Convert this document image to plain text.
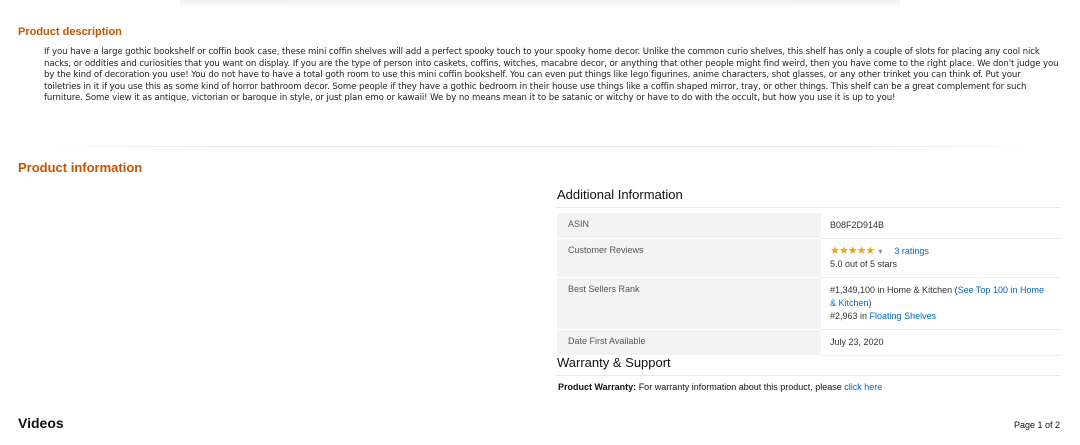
Product description

If you have a large gothic bookshelf or coffin book case, these mini coffin shelves will add a perfect spooky touch to your spooky home decor. Unlike the common curio shelves, this shelf has only a couple of slots for placing any cool nick nacks, or oddities and curiosities that you want on display. If you are the type of person into caskets, coffins, witches, macabre decor, or anything that other people might find weird, then you have come to the right place. We don't judge you by the kind of decoration you use! You do not have to have a total goth room to use this mini coffin bookshelf. You can even put things like lego figurines, anime characters, shot glasses, or any other trinket you can think of. Put your toiletries in it if you use this as some kind of horror bathroom decor. Some people if they have a gothic bedroom in their house use things like a coffin shaped mirror, tray, or other things. This shelf can be a great complement for such furniture. Some view it as antique, victorian or baroque in style, or just plan emo or kawaii! We by no means mean it to be satanic or witchy or have to do with the occult, but how you use it is up to you!

Product information
Additional Information
ASIN	B08F2D914B
Customer Reviews	★★★★★ ▾ 3 ratings
5.0 out of 5 stars

Best Sellers Rank	#1,349,100 in Home & Kitchen (See Top 100 in Home & Kitchen)
#2,963 in Floating Shelves

Date First Available	July 23, 2020
Warranty & Support
Product Warranty: For warranty information about this product, please click here
Videos	Page 1 of 2
